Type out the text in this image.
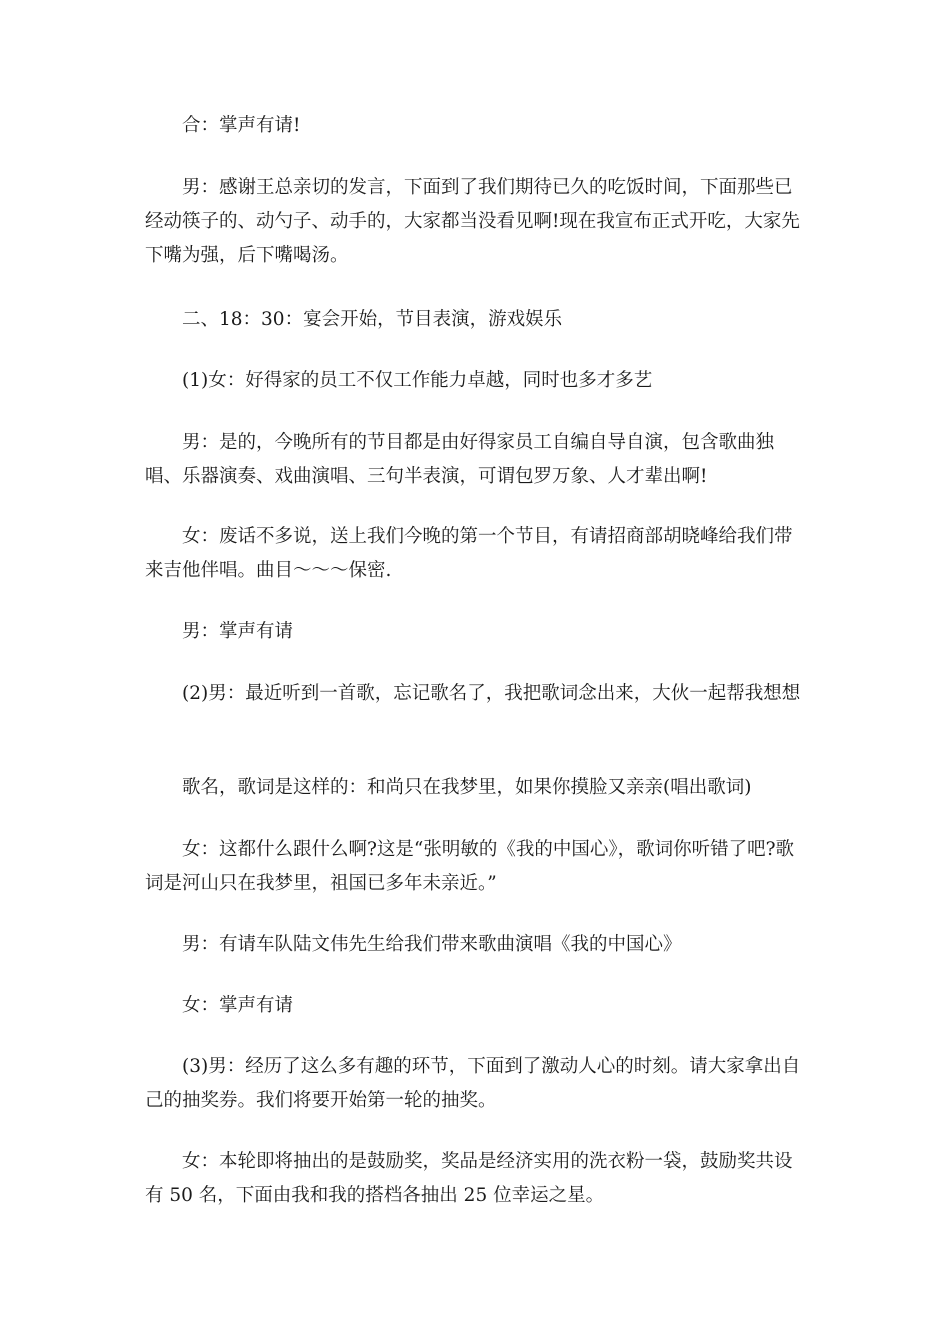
合：掌声有请!

男：感谢王总亲切的发言，下面到了我们期待已久的吃饭时间，下面那些已经动筷子的、动勺子、动手的，大家都当没看见啊!现在我宣布正式开吃，大家先下嘴为强，后下嘴喝汤。

二、18：30：宴会开始，节目表演，游戏娱乐

(1)女：好得家的员工不仅工作能力卓越，同时也多才多艺

男：是的，今晚所有的节目都是由好得家员工自编自导自演，包含歌曲独唱、乐器演奏、戏曲演唱、三句半表演，可谓包罗万象、人才辈出啊!

女：废话不多说，送上我们今晚的第一个节目，有请招商部胡晓峰给我们带来吉他伴唱。曲目～～～保密.

男：掌声有请

(2)男：最近听到一首歌，忘记歌名了，我把歌词念出来，大伙一起帮我想想

歌名，歌词是这样的：和尚只在我梦里，如果你摸脸又亲亲(唱出歌词)

女：这都什么跟什么啊?这是“张明敏的《我的中国心》，歌词你听错了吧?歌词是河山只在我梦里，祖国已多年未亲近。”

男：有请车队陆文伟先生给我们带来歌曲演唱《我的中国心》

女：掌声有请

(3)男：经历了这么多有趣的环节，下面到了激动人心的时刻。请大家拿出自己的抽奖券。我们将要开始第一轮的抽奖。

女：本轮即将抽出的是鼓励奖，奖品是经济实用的洗衣粉一袋，鼓励奖共设有 50 名，下面由我和我的搭档各抽出 25 位幸运之星。
